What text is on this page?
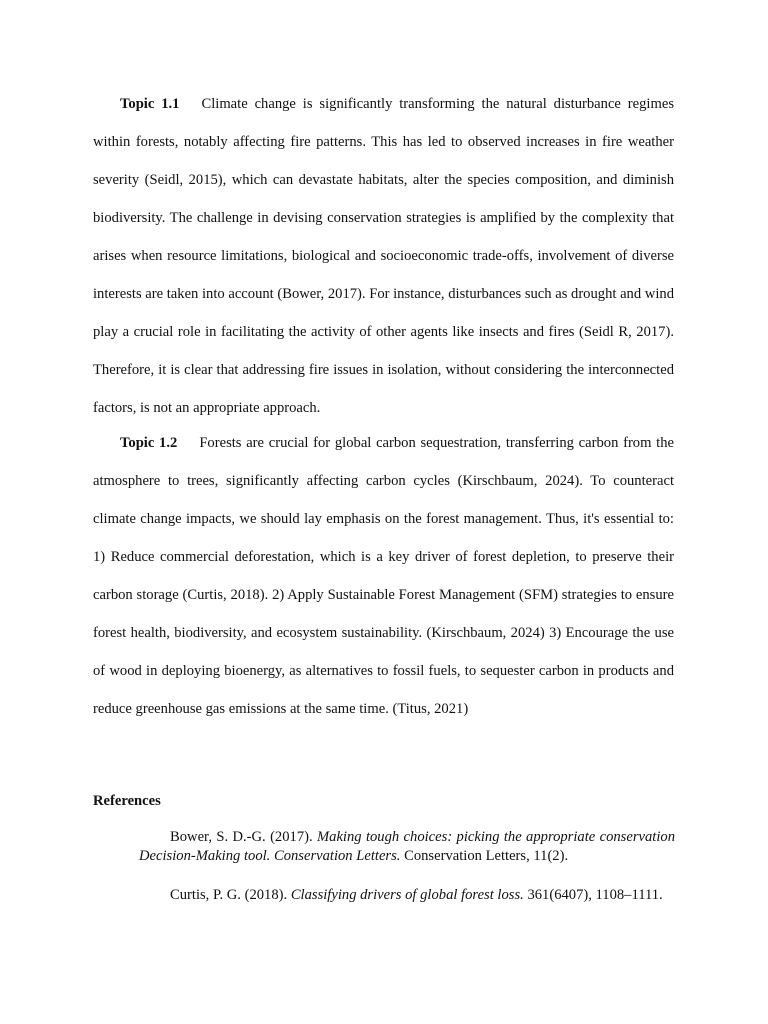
Topic 1.1 Climate change is significantly transforming the natural disturbance regimes within forests, notably affecting fire patterns. This has led to observed increases in fire weather severity (Seidl, 2015), which can devastate habitats, alter the species composition, and diminish biodiversity. The challenge in devising conservation strategies is amplified by the complexity that arises when resource limitations, biological and socioeconomic trade-offs, involvement of diverse interests are taken into account (Bower, 2017). For instance, disturbances such as drought and wind play a crucial role in facilitating the activity of other agents like insects and fires (Seidl R, 2017). Therefore, it is clear that addressing fire issues in isolation, without considering the interconnected factors, is not an appropriate approach.

Topic 1.2 Forests are crucial for global carbon sequestration, transferring carbon from the atmosphere to trees, significantly affecting carbon cycles (Kirschbaum, 2024). To counteract climate change impacts, we should lay emphasis on the forest management. Thus, it's essential to: 1) Reduce commercial deforestation, which is a key driver of forest depletion, to preserve their carbon storage (Curtis, 2018). 2) Apply Sustainable Forest Management (SFM) strategies to ensure forest health, biodiversity, and ecosystem sustainability. (Kirschbaum, 2024) 3) Encourage the use of wood in deploying bioenergy, as alternatives to fossil fuels, to sequester carbon in products and reduce greenhouse gas emissions at the same time. (Titus, 2021)

References

Bower, S. D.-G. (2017). Making tough choices: picking the appropriate conservation Decision-Making tool. Conservation Letters. Conservation Letters, 11(2).

Curtis, P. G. (2018). Classifying drivers of global forest loss. 361(6407), 1108–1111.
